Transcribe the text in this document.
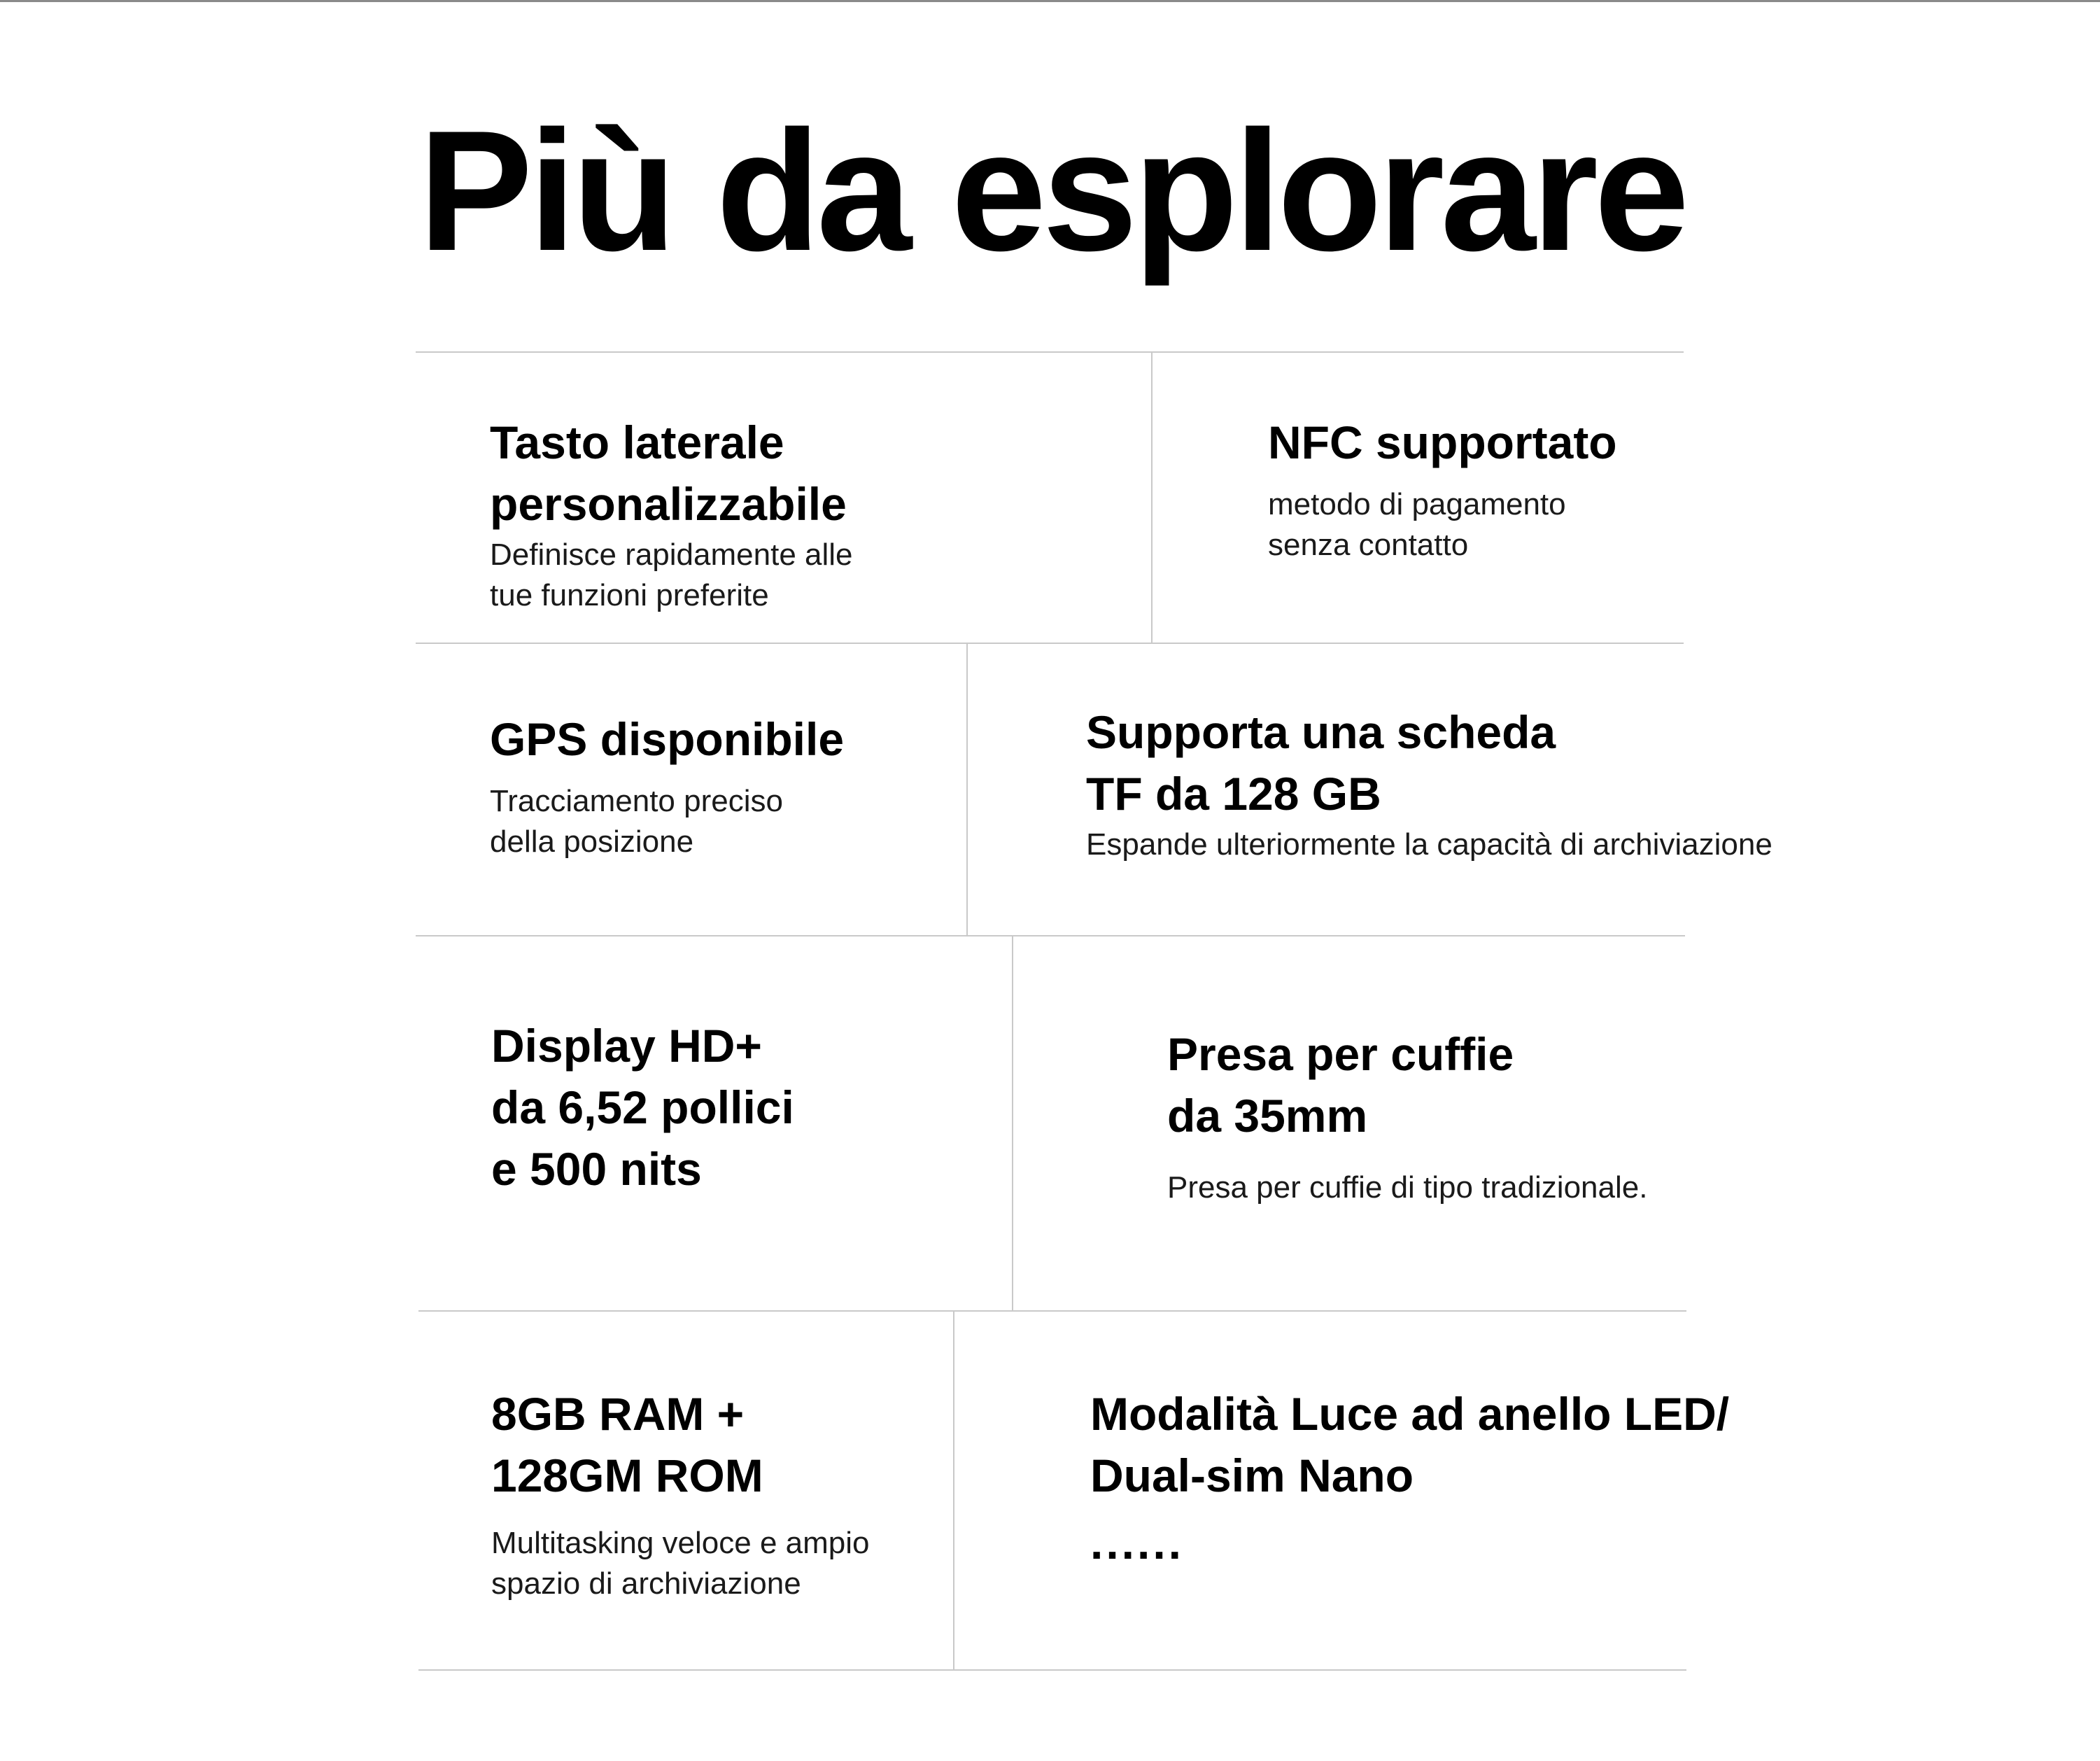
Più da esplorare

Tasto laterale
personalizzabile

Definisce rapidamente alle
tue funzioni preferite

NFC supportato

metodo di pagamento
senza contatto

GPS disponibile

Tracciamento preciso
della posizione

Supporta una scheda
TF da 128 GB

Espande ulteriormente la capacità di archiviazione

Display HD+
da 6,52 pollici
e 500 nits

Presa per cuffie
da 35mm

Presa per cuffie di tipo tradizionale.

8GB RAM +
128GM ROM

Multitasking veloce e ampio
spazio di archiviazione

Modalità Luce ad anello LED/
Dual-sim Nano

......
